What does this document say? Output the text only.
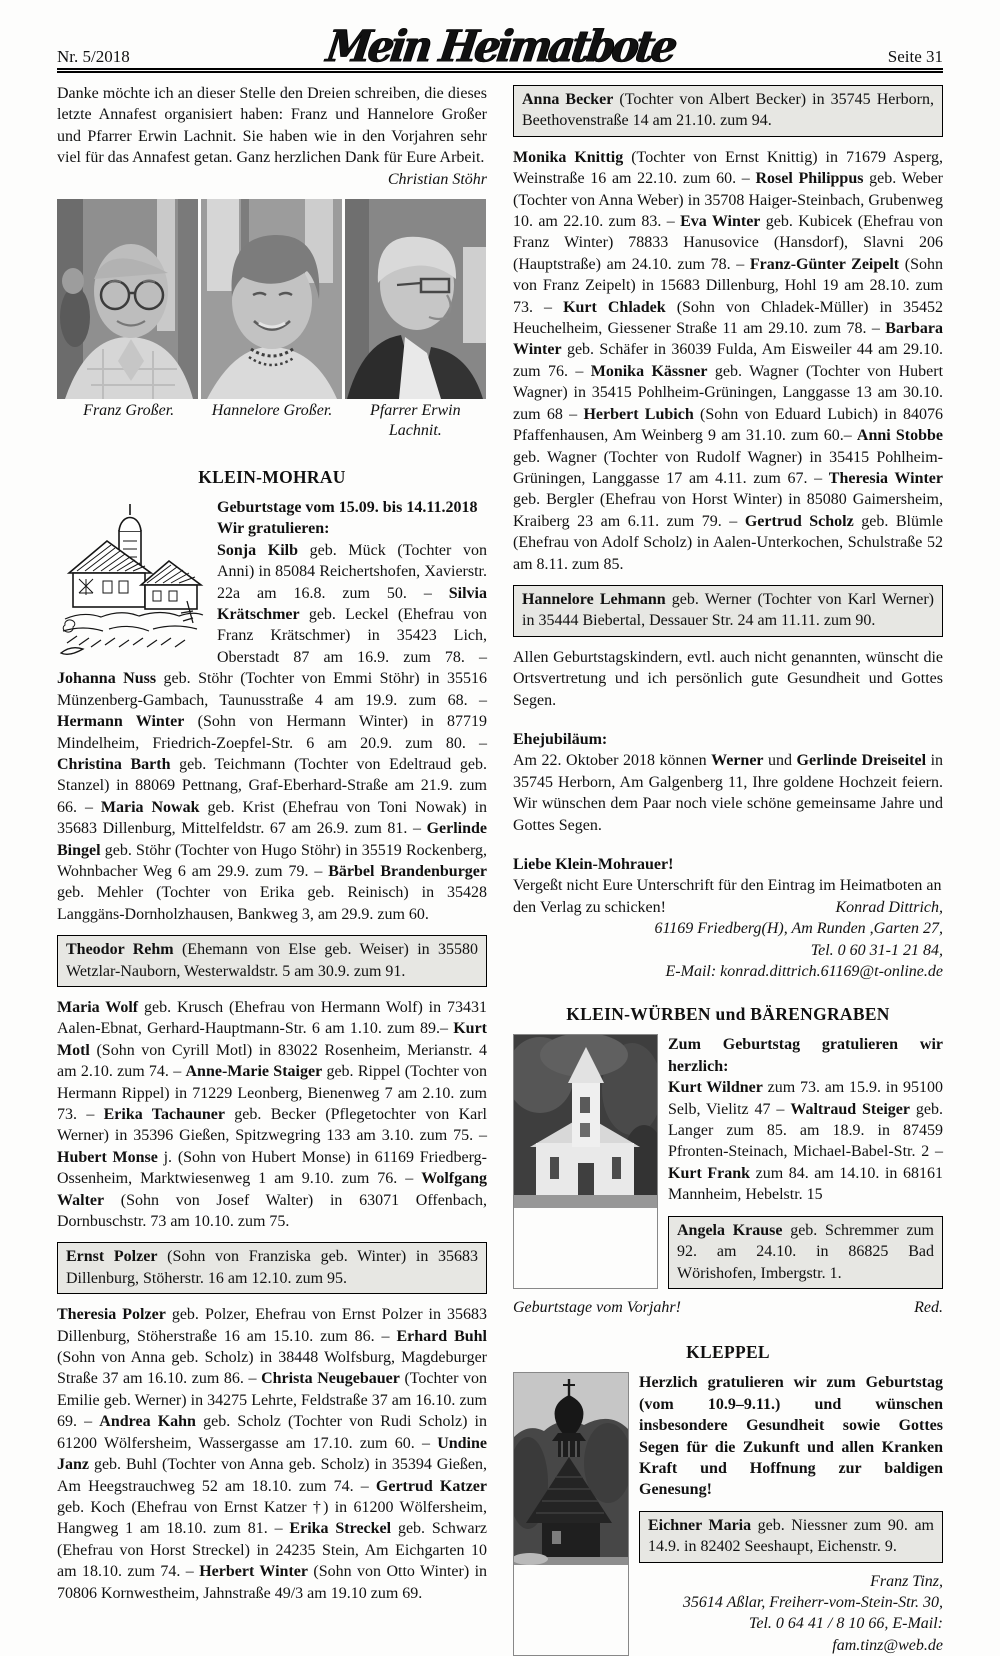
Nr. 5/2018	Mein Heimatbote	Seite 31

Danke möchte ich an dieser Stelle den Dreien schreiben, die dieses letzte Annafest organisiert haben: Franz und Hannelore Großer und Pfarrer Erwin Lachnit. Sie haben wie in den Vorjahren sehr viel für das Annafest getan. Ganz herzlichen Dank für Eure Arbeit.

Christian Stöhr
Franz Großer.	Hannelore Großer.	Pfarrer Erwin Lachnit.
KLEIN-MOHRAU

Geburtstage vom 15.09. bis 14.11.2018

Wir gratulieren:

Sonja Kilb geb. Mück (Tochter von Anni) in 85084 Reichertshofen, Xavierstr. 22a am 16.8. zum 50. – Silvia Krätschmer geb. Leckel (Ehefrau von Franz Krätschmer) in 35423 Lich, Oberstadt 87 am 16.9. zum 78. – Johanna Nuss geb. Stöhr (Tochter von Emmi Stöhr) in 35516 Münzenberg-Gambach, Taunusstraße 4 am 19.9. zum 68. – Hermann Winter (Sohn von Hermann Winter) in 87719 Mindelheim, Friedrich-Zoepfel-Str. 6 am 20.9. zum 80. – Christina Barth geb. Teichmann (Tochter von Edeltraud geb. Stanzel) in 88069 Pettnang, Graf-Eberhard-Straße am 21.9. zum 66. – Maria Nowak geb. Krist (Ehefrau von Toni Nowak) in 35683 Dillenburg, Mittelfeldstr. 67 am 26.9. zum 81. – Gerlinde Bingel geb. Stöhr (Tochter von Hugo Stöhr) in 35519 Rockenberg, Wohnbacher Weg 6 am 29.9. zum 79. – Bärbel Brandenburger geb. Mehler (Tochter von Erika geb. Reinisch) in 35428 Langgäns-Dornholzhausen, Bankweg 3, am 29.9. zum 60.

Theodor Rehm (Ehemann von Else geb. Weiser) in 35580 Wetzlar-Nauborn, Westerwaldstr. 5 am 30.9. zum 91.

Maria Wolf geb. Krusch (Ehefrau von Hermann Wolf) in 73431 Aalen-Ebnat, Gerhard-Hauptmann-Str. 6 am 1.10. zum 89.– Kurt Motl (Sohn von Cyrill Motl) in 83022 Rosenheim, Merianstr. 4 am 2.10. zum 74. – Anne-Marie Staiger geb. Rippel (Tochter von Hermann Rippel) in 71229 Leonberg, Bienenweg 7 am 2.10. zum 73. – Erika Tachauner geb. Becker (Pflegetochter von Karl Werner) in 35396 Gießen, Spitzwegring 133 am 3.10. zum 75. – Hubert Monse j. (Sohn von Hubert Monse) in 61169 Friedberg-Ossenheim, Marktwiesenweg 1 am 9.10. zum 76. – Wolfgang Walter (Sohn von Josef Walter) in 63071 Offenbach, Dornbuschstr. 73 am 10.10. zum 75.

Ernst Polzer (Sohn von Franziska geb. Winter) in 35683 Dillenburg, Stöherstr. 16 am 12.10. zum 95.

Theresia Polzer geb. Polzer, Ehefrau von Ernst Polzer in 35683 Dillenburg, Stöherstraße 16 am 15.10. zum 86. – Erhard Buhl (Sohn von Anna geb. Scholz) in 38448 Wolfsburg, Magdeburger Straße 37 am 16.10. zum 86. – Christa Neugebauer (Tochter von Emilie geb. Werner) in 34275 Lehrte, Feldstraße 37 am 16.10. zum 69. – Andrea Kahn geb. Scholz (Tochter von Rudi Scholz) in 61200 Wölfersheim, Wassergasse am 17.10. zum 60. – Undine Janz geb. Buhl (Tochter von Anna geb. Scholz) in 35394 Gießen, Am Heegstrauchweg 52 am 18.10. zum 74. – Gertrud Katzer geb. Koch (Ehefrau von Ernst Katzer †) in 61200 Wölfersheim, Hangweg 1 am 18.10. zum 81. – Erika Streckel geb. Schwarz (Ehefrau von Horst Streckel) in 24235 Stein, Am Eichgarten 10 am 18.10. zum 74. – Herbert Winter (Sohn von Otto Winter) in 70806 Kornwestheim, Jahnstraße 49/3 am 19.10 zum 69.

Anna Becker (Tochter von Albert Becker) in 35745 Herborn, Beethovenstraße 14 am 21.10. zum 94.

Monika Knittig (Tochter von Ernst Knittig) in 71679 Asperg, Weinstraße 16 am 22.10. zum 60. – Rosel Philippus geb. Weber (Tochter von Anna Weber) in 35708 Haiger-Steinbach, Grubenweg 10. am 22.10. zum 83. – Eva Winter geb. Kubicek (Ehefrau von Franz Winter) 78833 Hanusovice (Hansdorf), Slavni 206 (Hauptstraße) am 24.10. zum 78. – Franz-Günter Zeipelt (Sohn von Franz Zeipelt) in 15683 Dillenburg, Hohl 19 am 28.10. zum 73. – Kurt Chladek (Sohn von Chladek-Müller) in 35452 Heuchelheim, Giessener Straße 11 am 29.10. zum 78. – Barbara Winter geb. Schäfer in 36039 Fulda, Am Eisweiler 44 am 29.10. zum 76. – Monika Kässner geb. Wagner (Tochter von Hubert Wagner) in 35415 Pohlheim-Grüningen, Langgasse 13 am 30.10. zum 68 – Herbert Lubich (Sohn von Eduard Lubich) in 84076 Pfaffenhausen, Am Weinberg 9 am 31.10. zum 60.– Anni Stobbe geb. Wagner (Tochter von Rudolf Wagner) in 35415 Pohlheim-Grüningen, Langgasse 17 am 4.11. zum 67. – Theresia Winter geb. Bergler (Ehefrau von Horst Winter) in 85080 Gaimersheim, Kraiberg 23 am 6.11. zum 79. – Gertrud Scholz geb. Blümle (Ehefrau von Adolf Scholz) in Aalen-Unterkochen, Schulstraße 52 am 8.11. zum 85.

Hannelore Lehmann geb. Werner (Tochter von Karl Werner) in 35444 Biebertal, Dessauer Str. 24 am 11.11. zum 90.

Allen Geburtstagskindern, evtl. auch nicht genannten, wünscht die Ortsvertretung und ich persönlich gute Gesundheit und Gottes Segen.

Ehejubiläum:

Am 22. Oktober 2018 können Werner und Gerlinde Dreiseitel in 35745 Herborn, Am Galgenberg 11, Ihre goldene Hochzeit feiern. Wir wünschen dem Paar noch viele schöne gemeinsame Jahre und Gottes Segen.

Liebe Klein-Mohrauer!

Vergeßt nicht Eure Unterschrift für den Eintrag im Heimatboten an

den Verlag zu schicken!	Konrad Dittrich,
61169 Friedberg(H), Am Runden ,Garten 27,
Tel. 0 60 31-1 21 84,
E-Mail: konrad.dittrich.61169@t-online.de
KLEIN-WÜRBEN und BÄRENGRABEN

Zum Geburtstag gratulieren wir herzlich:

Kurt Wildner zum 73. am 15.9. in 95100 Selb, Vielitz 47 – Waltraud Steiger geb. Langer zum 85. am 18.9. in 87459 Pfronten-Steinach, Michael-Babel-Str. 2 – Kurt Frank zum 84. am 14.10. in 68161 Mannheim, Hebelstr. 15

Angela Krause geb. Schremmer zum 92. am 24.10. in 86825 Bad Wörishofen, Imbergstr. 1.
Geburtstage vom Vorjahr!	Red.
KLEPPEL

Herzlich gratulieren wir zum Geburtstag (vom 10.9–9.11.) und wünschen insbesondere Gesundheit sowie Gottes Segen für die Zukunft und allen Kranken Kraft und Hoffnung zur baldigen Genesung!

Eichner Maria geb. Niessner zum 90. am 14.9. in 82402 Seeshaupt, Eichenstr. 9.
Franz Tinz,
35614 Aßlar, Freiherr-vom-Stein-Str. 30,
Tel. 0 64 41 / 8 10 66, E-Mail: fam.tinz@web.de
